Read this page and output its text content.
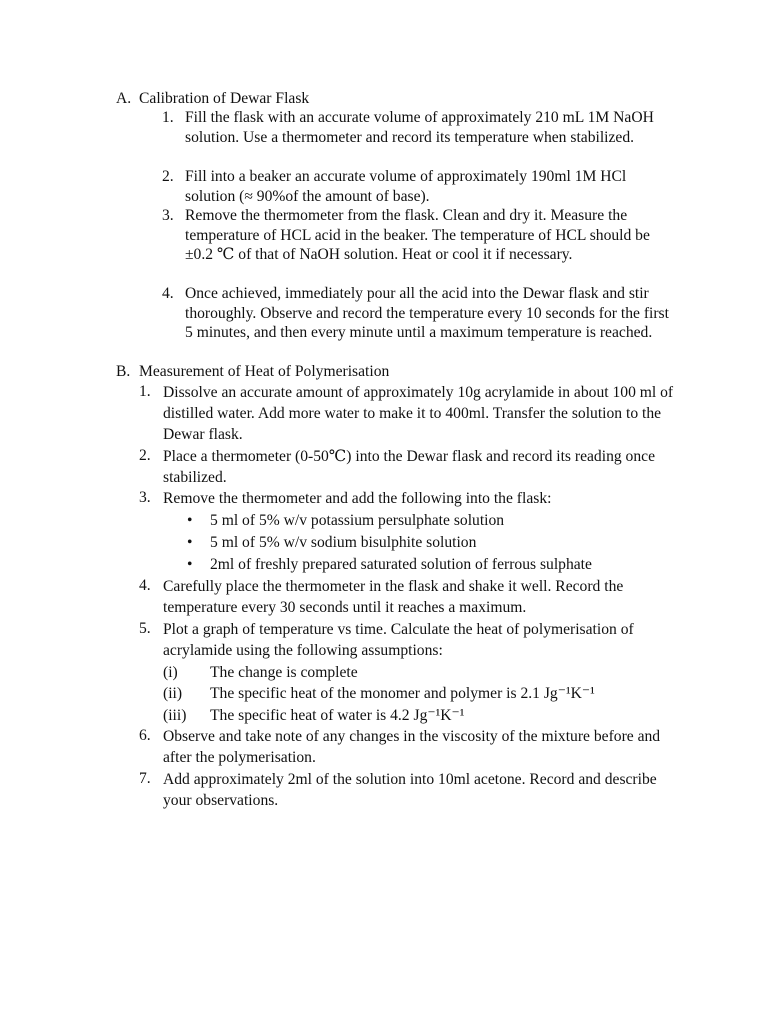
A. Calibration of Dewar Flask
1. Fill the flask with an accurate volume of approximately 210 mL 1M NaOH solution. Use a thermometer and record its temperature when stabilized.
2. Fill into a beaker an accurate volume of approximately 190ml 1M HCl solution (≈ 90%of the amount of base).
3. Remove the thermometer from the flask. Clean and dry it. Measure the temperature of HCL acid in the beaker. The temperature of HCL should be ±0.2 ℃ of that of NaOH solution. Heat or cool it if necessary.
4. Once achieved, immediately pour all the acid into the Dewar flask and stir thoroughly. Observe and record the temperature every 10 seconds for the first 5 minutes, and then every minute until a maximum temperature is reached.
B. Measurement of Heat of Polymerisation
1. Dissolve an accurate amount of approximately 10g acrylamide in about 100 ml of distilled water. Add more water to make it to 400ml. Transfer the solution to the Dewar flask.
2. Place a thermometer (0-50℃) into the Dewar flask and record its reading once stabilized.
3. Remove the thermometer and add the following into the flask:
• 5 ml of 5% w/v potassium persulphate solution
• 5 ml of 5% w/v sodium bisulphite solution
• 2ml of freshly prepared saturated solution of ferrous sulphate
4. Carefully place the thermometer in the flask and shake it well. Record the temperature every 30 seconds until it reaches a maximum.
5. Plot a graph of temperature vs time. Calculate the heat of polymerisation of acrylamide using the following assumptions:
(i) The change is complete
(ii) The specific heat of the monomer and polymer is 2.1 Jg⁻¹K⁻¹
(iii) The specific heat of water is 4.2 Jg⁻¹K⁻¹
6. Observe and take note of any changes in the viscosity of the mixture before and after the polymerisation.
7. Add approximately 2ml of the solution into 10ml acetone. Record and describe your observations.
